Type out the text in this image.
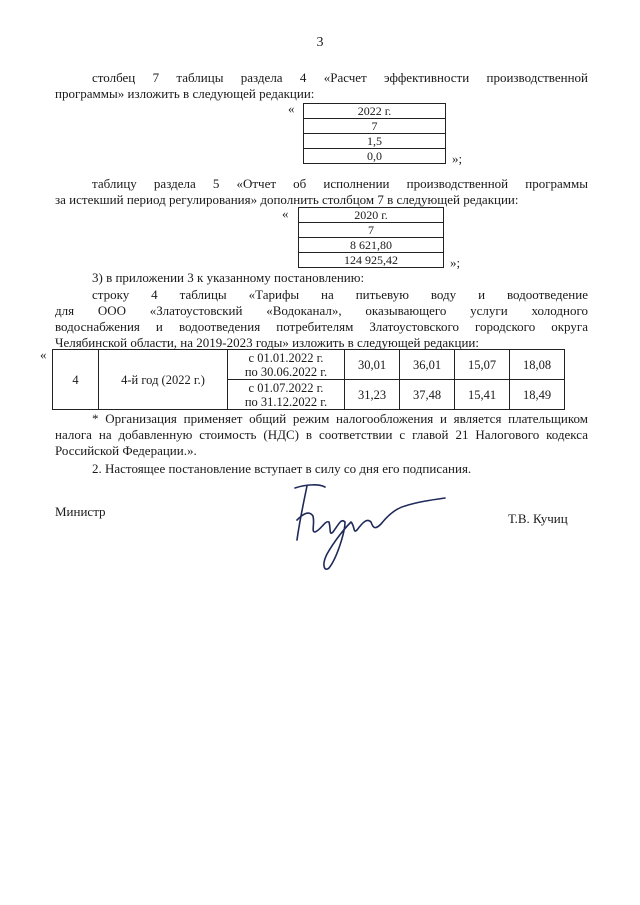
3
столбец 7 таблицы раздела 4 «Расчет эффективности производственной
программы» изложить в следующей редакции:
«	2022 г.
7
1,5
0,0	»;
таблицу раздела 5 «Отчет об исполнении производственной программы
за истекший период регулирования» дополнить столбцом 7 в следующей редакции:
«	2020 г.
7
8 621,80
124 925,42	»;
3) в приложении 3 к указанному постановлению:
строку 4 таблицы «Тарифы на питьевую воду и водоотведение
для ООО «Златоустовский «Водоканал», оказывающего услуги холодного
водоснабжения и водоотведения потребителям Златоустовского городского округа
Челябинской области, на 2019-2023 годы» изложить в следующей редакции:
«
4	4-й год (2022 г.)	с 01.01.2022 г.
по 30.06.2022 г.	30,01	36,01	15,07	18,08

		с 01.07.2022 г.
по 31.12.2022 г.	31,23	37,48	15,41	18,49
* Организация применяет общий режим налогообложения и является плательщиком
налога на добавленную стоимость (НДС) в соответствии с главой 21 Налогового кодекса
Российской Федерации.».
2. Настоящее постановление вступает в силу со дня его подписания.
Министр	Т.В. Кучиц
